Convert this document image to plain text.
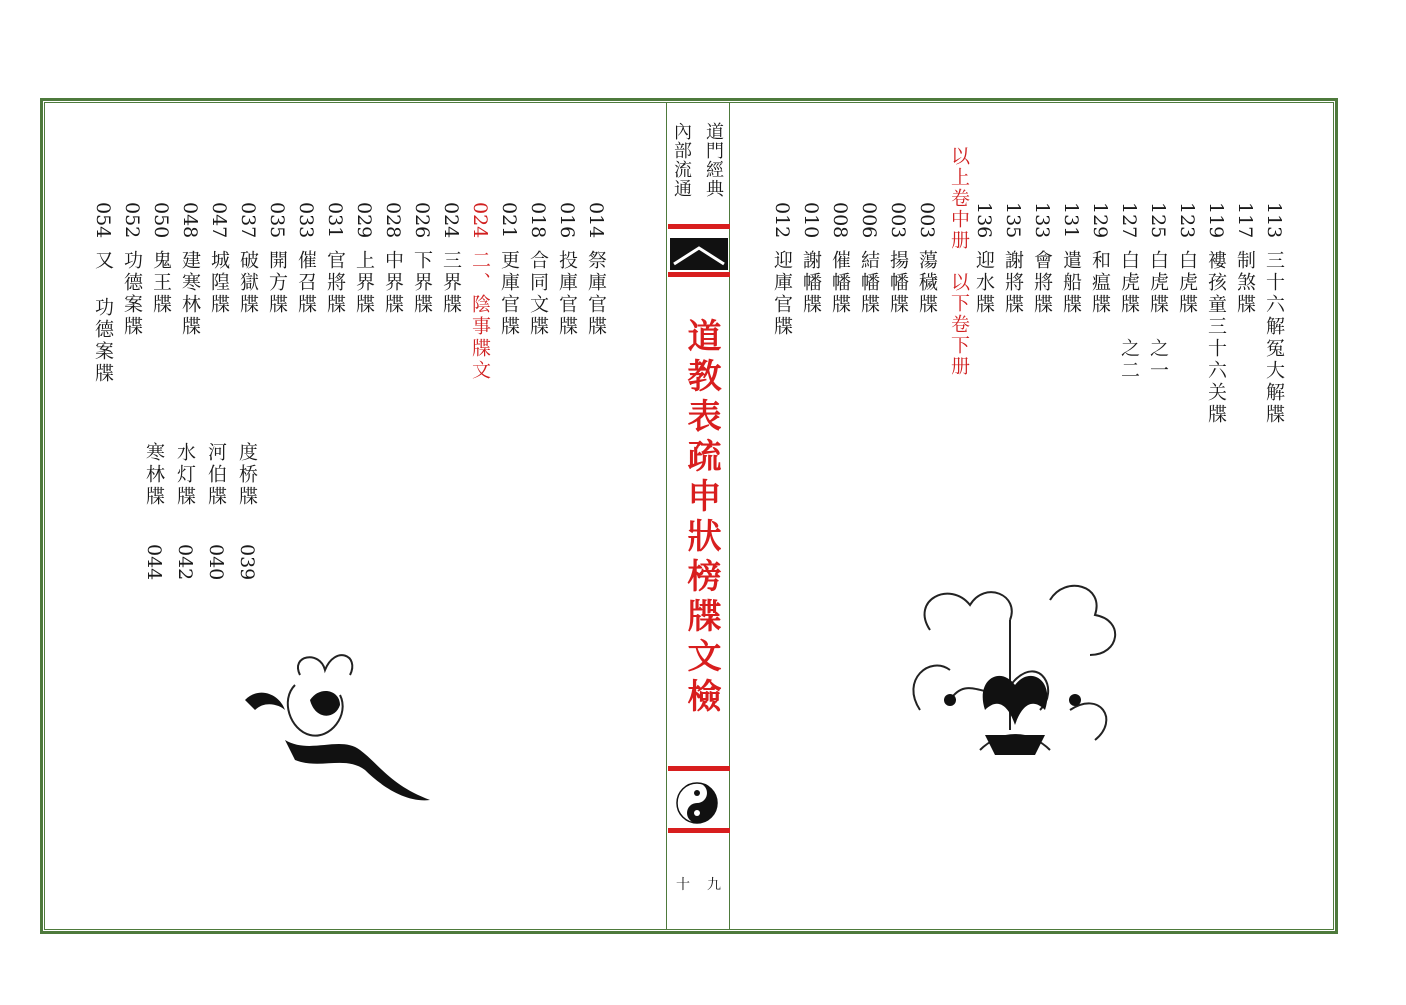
道門經典
內部流通
道教表疏申狀榜牒文檢
十 九
113三十六解冤大解牒
117制煞牒
119褸孩童三十六关牒
123白虎牒
125白虎牒　之一
127白虎牒　之二
129和瘟牒
131遣船牒
133會將牒
135謝將牒
136迎水牒
003蕩穢牒
003揚幡牒
006結幡牒
008催幡牒
010謝幡牒
012迎庫官牒	以上卷中册　以下卷下册
014祭庫官牒
016投庫官牒
018合同文牒
021更庫官牒
024二、陰事牒文
024三界牒
026下界牒
028中界牒
029上界牒
031官將牒
033催召牒
035開方牒
037破獄牒
047城隍牒
048建寒林牒
050鬼王牒
052功德案牒
054又 功德案牒
度桥牒039
河伯牒040
水灯牒042
寒林牒044
